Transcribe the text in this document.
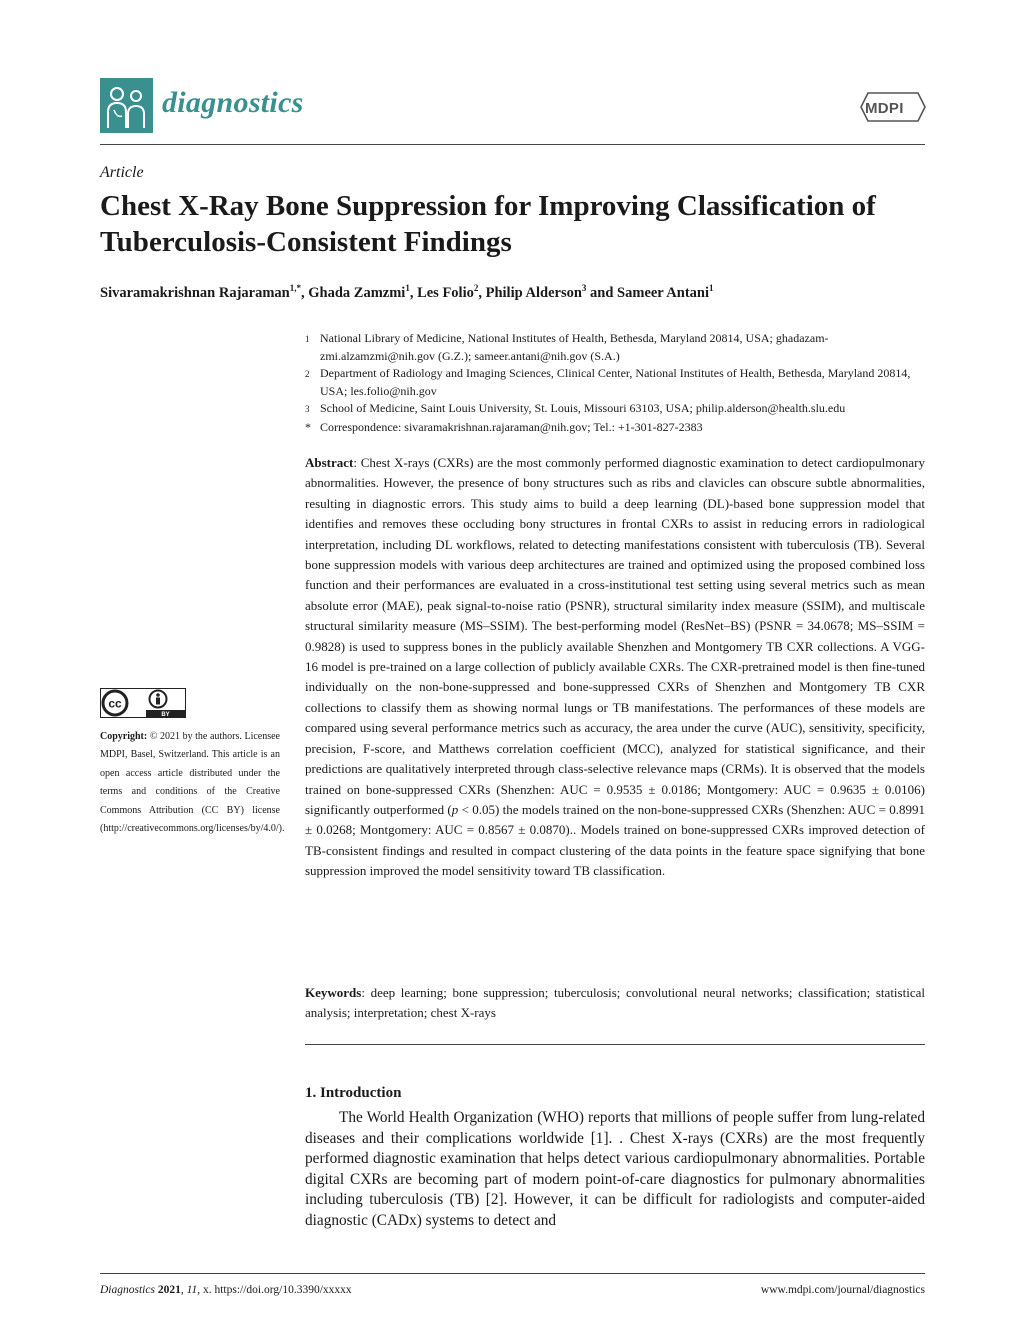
diagnostics	MDPI
Article
Chest X-Ray Bone Suppression for Improving Classification of Tuberculosis-Consistent Findings
Sivaramakrishnan Rajaraman$^{1,*}$, Ghada Zamzmi$^1$, Les Folio$^2$, Philip Alderson$^3$ and Sameer Antani$^1$
1 National Library of Medicine, National Institutes of Health, Bethesda, Maryland 20814, USA; ghadazam-zmi.alzamzmi@nih.gov (G.Z.); sameer.antani@nih.gov (S.A.)
2 Department of Radiology and Imaging Sciences, Clinical Center, National Institutes of Health, Bethesda, Maryland 20814, USA; les.folio@nih.gov
3 School of Medicine, Saint Louis University, St. Louis, Missouri 63103, USA; philip.alderson@health.slu.edu
* Correspondence: sivaramakrishnan.rajaraman@nih.gov; Tel.: +1-301-827-2383
Abstract: Chest X-rays (CXRs) are the most commonly performed diagnostic examination to detect cardiopulmonary abnormalities. However, the presence of bony structures such as ribs and clavicles can obscure subtle abnormalities, resulting in diagnostic errors. This study aims to build a deep learning (DL)-based bone suppression model that identifies and removes these occluding bony structures in frontal CXRs to assist in reducing errors in radiological interpretation, including DL workflows, related to detecting manifestations consistent with tuberculosis (TB). Several bone suppression models with various deep architectures are trained and optimized using the proposed combined loss function and their performances are evaluated in a cross-institutional test setting using several metrics such as mean absolute error (MAE), peak signal-to-noise ratio (PSNR), structural similarity index measure (SSIM), and multiscale structural similarity measure (MS–SSIM). The best-performing model (ResNet–BS) (PSNR = 34.0678; MS–SSIM = 0.9828) is used to suppress bones in the publicly available Shenzhen and Montgomery TB CXR collections. A VGG-16 model is pre-trained on a large collection of publicly available CXRs. The CXR-pretrained model is then fine-tuned individually on the non-bone-suppressed and bone-suppressed CXRs of Shenzhen and Montgomery TB CXR collections to classify them as showing normal lungs or TB manifestations. The performances of these models are compared using several performance metrics such as accuracy, the area under the curve (AUC), sensitivity, specificity, precision, F-score, and Matthews correlation coefficient (MCC), analyzed for statistical significance, and their predictions are qualitatively interpreted through class-selective relevance maps (CRMs). It is observed that the models trained on bone-suppressed CXRs (Shenzhen: AUC = 0.9535 ± 0.0186; Montgomery: AUC = 0.9635 ± 0.0106) significantly outperformed (p < 0.05) the models trained on the non-bone-suppressed CXRs (Shenzhen: AUC = 0.8991 ± 0.0268; Montgomery: AUC = 0.8567 ± 0.0870).. Models trained on bone-suppressed CXRs improved detection of TB-consistent findings and resulted in compact clustering of the data points in the feature space signifying that bone suppression improved the model sensitivity toward TB classification.
Keywords: deep learning; bone suppression; tuberculosis; convolutional neural networks; classification; statistical analysis; interpretation; chest X-rays
cc
BY
Copyright: © 2021 by the authors. Licensee MDPI, Basel, Switzerland. This article is an open access article distributed under the terms and conditions of the Creative Commons Attribution (CC BY) license (http://creativecommons.org/licenses/by/4.0/).
1. Introduction
The World Health Organization (WHO) reports that millions of people suffer from lung-related diseases and their complications worldwide [1]. . Chest X-rays (CXRs) are the most frequently performed diagnostic examination that helps detect various cardiopulmonary abnormalities. Portable digital CXRs are becoming part of modern point-of-care diagnostics for pulmonary abnormalities including tuberculosis (TB) [2]. However, it can be difficult for radiologists and computer-aided diagnostic (CADx) systems to detect and
Diagnostics 2021, 11, x. https://doi.org/10.3390/xxxxx	www.mdpi.com/journal/diagnostics
